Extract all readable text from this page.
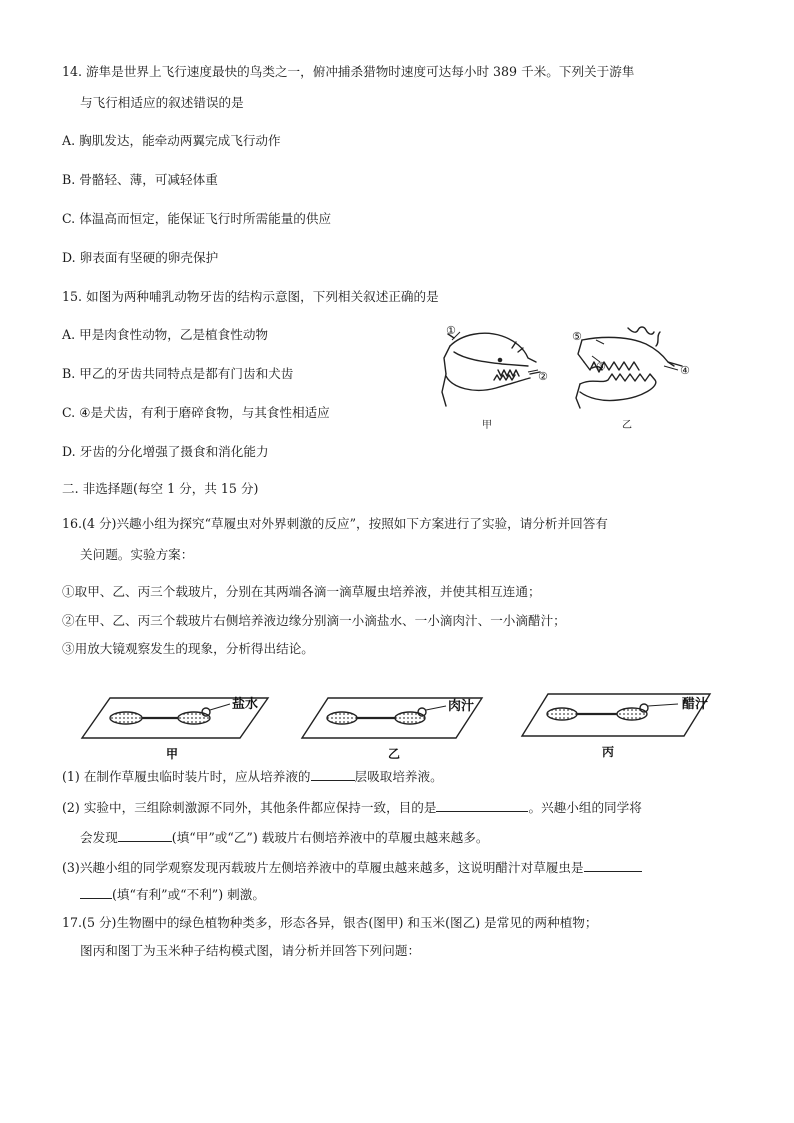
14. 游隼是世界上飞行速度最快的鸟类之一，俯冲捕杀猎物时速度可达每小时 389 千米。下列关于游隼
与飞行相适应的叙述错误的是
A. 胸肌发达，能牵动两翼完成飞行动作
B. 骨骼轻、薄，可减轻体重
C. 体温高而恒定，能保证飞行时所需能量的供应
D. 卵表面有坚硬的卵壳保护
15. 如图为两种哺乳动物牙齿的结构示意图，下列相关叙述正确的是
A. 甲是肉食性动物，乙是植食性动物
B. 甲乙的牙齿共同特点是都有门齿和犬齿
C. ④是犬齿，有利于磨碎食物，与其食性相适应
D. 牙齿的分化增强了摄食和消化能力
①
②
③	④
⑤
甲	乙
二. 非选择题(每空 1 分，共 15 分)
16.(4 分)兴趣小组为探究“草履虫对外界刺激的反应”，按照如下方案进行了实验，请分析并回答有
关问题。实验方案：
①取甲、乙、丙三个载玻片，分别在其两端各滴一滴草履虫培养液，并使其相互连通；
②在甲、乙、丙三个载玻片右侧培养液边缘分别滴一小滴盐水、一小滴肉汁、一小滴醋汁；
③用放大镜观察发生的现象，分析得出结论。
盐水	肉汁	醋汁
甲	乙	丙
(1) 在制作草履虫临时装片时，应从培养液的	层吸取培养液。
(2) 实验中，三组除刺激源不同外，其他条件都应保持一致，目的是	。兴趣小组的同学将
会发现	(填“甲”或“乙”) 载玻片右侧培养液中的草履虫越来越多。
(3)兴趣小组的同学观察发现丙载玻片左侧培养液中的草履虫越来越多，这说明醋汁对草履虫是
(填“有利”或“不利”) 刺激。
17.(5 分)生物圈中的绿色植物种类多，形态各异，银杏(图甲) 和玉米(图乙) 是常见的两种植物；
图丙和图丁为玉米种子结构模式图，请分析并回答下列问题：
